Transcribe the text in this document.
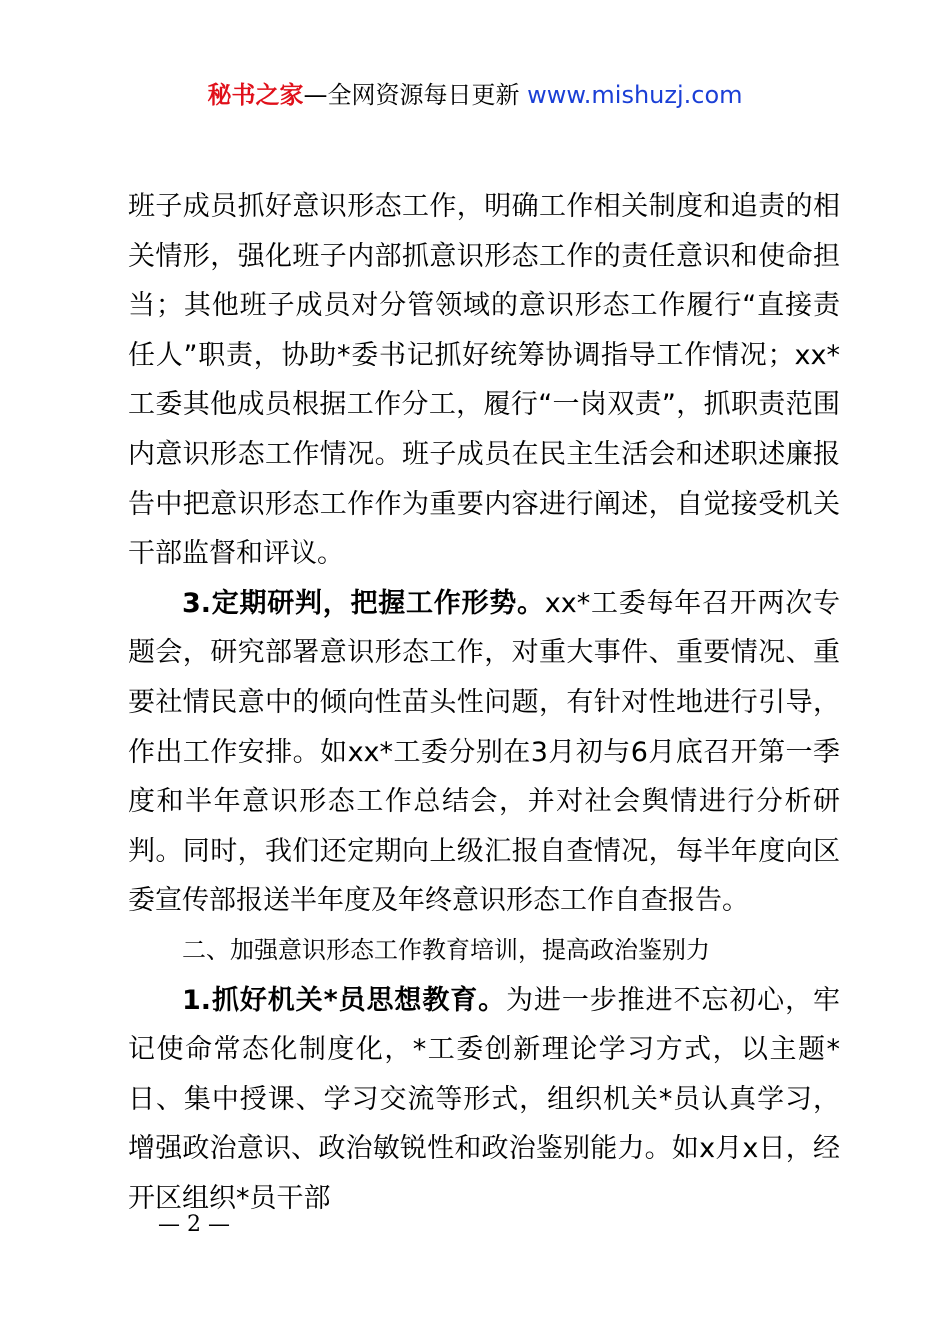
秘书之家—全网资源每日更新 www.mishuzj.com

班子成员抓好意识形态工作，明确工作相关制度和追责的相关情形，强化班子内部抓意识形态工作的责任意识和使命担当；其他班子成员对分管领域的意识形态工作履行“直接责任人”职责，协助*委书记抓好统筹协调指导工作情况；xx*工委其他成员根据工作分工，履行“一岗双责”，抓职责范围内意识形态工作情况。班子成员在民主生活会和述职述廉报告中把意识形态工作作为重要内容进行阐述，自觉接受机关干部监督和评议。

3.定期研判，把握工作形势。xx*工委每年召开两次专题会，研究部署意识形态工作，对重大事件、重要情况、重要社情民意中的倾向性苗头性问题，有针对性地进行引导，作出工作安排。如xx*工委分别在3月初与6月底召开第一季度和半年意识形态工作总结会，并对社会舆情进行分析研判。同时，我们还定期向上级汇报自查情况，每半年度向区委宣传部报送半年度及年终意识形态工作自查报告。

二、加强意识形态工作教育培训，提高政治鉴别力

1.抓好机关*员思想教育。为进一步推进不忘初心，牢记使命常态化制度化，*工委创新理论学习方式，以主题*日、集中授课、学习交流等形式，组织机关*员认真学习，增强政治意识、政治敏锐性和政治鉴别能力。如x月x日，经开区组织*员干部

— 2 —
